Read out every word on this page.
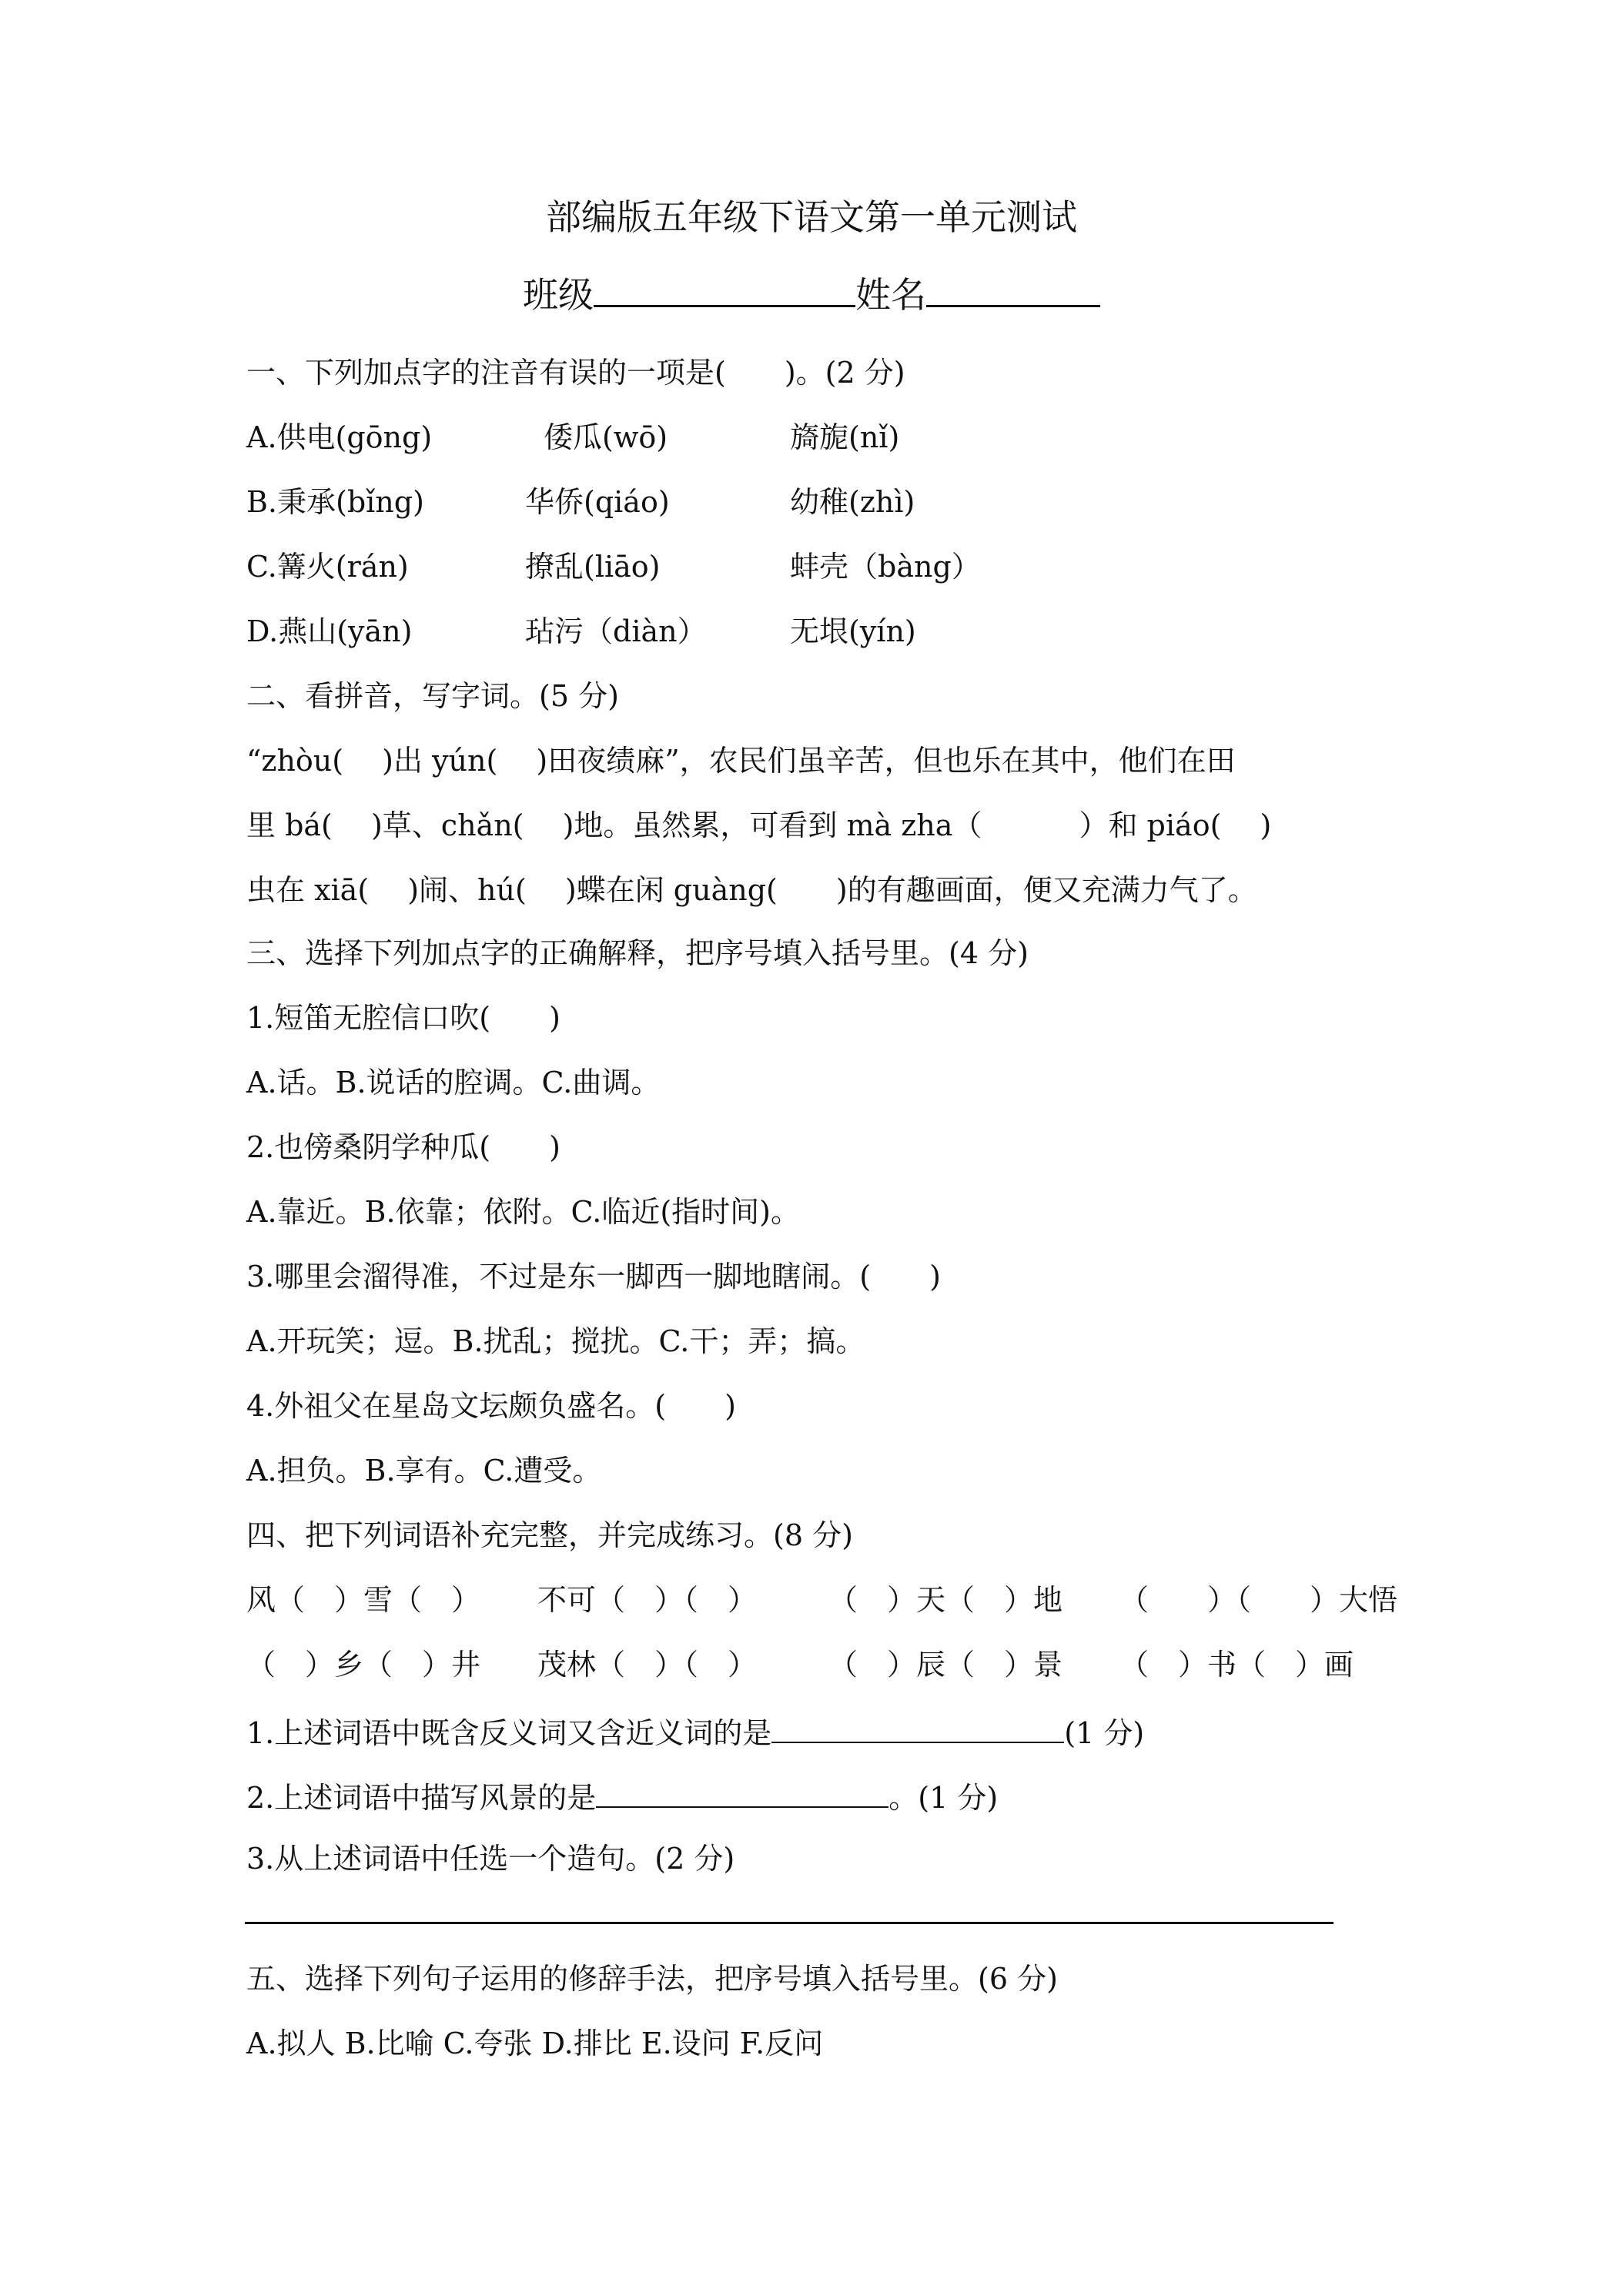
部编版五年级下语文第一单元测试
班级	姓名
一、下列加点字的注音有误的一项是(　　)。(2 分)
A.供电(gōng)	倭瓜(wō)	旖旎(nǐ)
B.秉承(bǐng)	华侨(qiáo)	幼稚(zhì)
C.篝火(rán)	撩乱(liāo)	蚌壳（bàng）
D.燕山(yān)	玷污（diàn）	无垠(yín)
二、看拼音，写字词。(5 分)
“zhòu(　 )出 yún(　 )田夜绩麻”，农民们虽辛苦，但也乐在其中，他们在田
里 bá(　 )草、chǎn(　 )地。虽然累，可看到 mà zha（　　　 ）和 piáo(　 )
虫在 xiā(　 )闹、hú(　 )蝶在闲 guàng(　　)的有趣画面，便又充满力气了。
三、选择下列加点字的正确解释，把序号填入括号里。(4 分)
1.短笛无腔信口吹(　　)
A.话。B.说话的腔调。C.曲调。
2.也傍桑阴学种瓜(　　)
A.靠近。B.依靠；依附。C.临近(指时间)。
3.哪里会溜得准，不过是东一脚西一脚地瞎闹。(　　)
A.开玩笑；逗。B.扰乱；搅扰。C.干；弄；搞。
4.外祖父在星岛文坛颇负盛名。(　　)
A.担负。B.享有。C.遭受。
四、把下列词语补充完整，并完成练习。(8 分)
风（　）雪（　） 不可（　）（　） （　）天（　）地 （　　）（　　）大悟
（　）乡（　）井 茂林（　）（　） （　）辰（　）景 （　）书（　）画
1.上述词语中既含反义词又含近义词的是	(1 分)
2.上述词语中描写风景的是	。(1 分)
3.从上述词语中任选一个造句。(2 分)
五、选择下列句子运用的修辞手法，把序号填入括号里。(6 分)
A.拟人 B.比喻 C.夸张 D.排比 E.设问 F.反问
